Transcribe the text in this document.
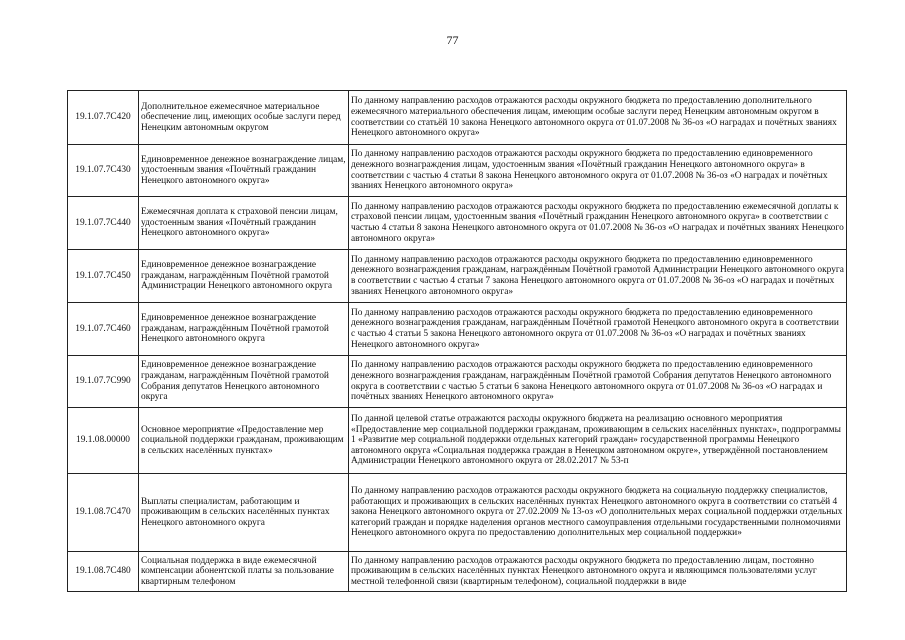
77
19.1.07.7С420	Дополнительное ежемесячное материальное обеспечение лиц, имеющих особые заслуги перед Ненецким автономным округом	По данному направлению расходов отражаются расходы окружного бюджета по предоставлению дополнительного ежемесячного материального обеспечения лицам, имеющим особые заслуги перед Ненецким автономным округом в соответствии со статьёй 10 закона Ненецкого автономного округа от 01.07.2008 № 36-оз «О наградах и почётных званиях Ненецкого автономного округа»
19.1.07.7С430	Единовременное денежное вознаграждение лицам, удостоенным звания «Почётный гражданин Ненецкого автономного округа»	По данному направлению расходов отражаются расходы окружного бюджета по предоставлению единовременного денежного вознаграждения лицам, удостоенным звания «Почётный гражданин Ненецкого автономного округа» в соответствии с частью 4 статьи 8 закона Ненецкого автономного округа от 01.07.2008 № 36-оз «О наградах и почётных званиях Ненецкого автономного округа»
19.1.07.7С440	Ежемесячная доплата к страховой пенсии лицам, удостоенным звания «Почётный гражданин Ненецкого автономного округа»	По данному направлению расходов отражаются расходы окружного бюджета по предоставлению ежемесячной доплаты к страховой пенсии лицам, удостоенным звания «Почётный гражданин Ненецкого автономного округа» в соответствии с частью 4 статьи 8 закона Ненецкого автономного округа от 01.07.2008 № 36-оз «О наградах и почётных званиях Ненецкого автономного округа»
19.1.07.7С450	Единовременное денежное вознаграждение гражданам, награждённым Почётной грамотой Администрации Ненецкого автономного округа	По данному направлению расходов отражаются расходы окружного бюджета по предоставлению единовременного денежного вознаграждения гражданам, награждённым Почётной грамотой Администрации Ненецкого автономного округа в соответствии с частью 4 статьи 7 закона Ненецкого автономного округа от 01.07.2008 № 36-оз «О наградах и почётных званиях Ненецкого автономного округа»
19.1.07.7С460	Единовременное денежное вознаграждение гражданам, награждённым Почётной грамотой Ненецкого автономного округа	По данному направлению расходов отражаются расходы окружного бюджета по предоставлению единовременного денежного вознаграждения гражданам, награждённым Почётной грамотой Ненецкого автономного округа в соответствии с частью 4 статьи 5 закона Ненецкого автономного округа от 01.07.2008 № 36-оз «О наградах и почётных званиях Ненецкого автономного округа»
19.1.07.7С990	Единовременное денежное вознаграждение гражданам, награждённым Почётной грамотой Собрания депутатов Ненецкого автономного округа	По данному направлению расходов отражаются расходы окружного бюджета по предоставлению единовременного денежного вознаграждения гражданам, награждённым Почётной грамотой Собрания депутатов Ненецкого автономного округа в соответствии с частью 5 статьи 6 закона Ненецкого автономного округа от 01.07.2008 № 36-оз «О наградах и почётных званиях Ненецкого автономного округа»
19.1.08.00000	Основное мероприятие «Предоставление мер социальной поддержки гражданам, проживающим в сельских населённых пунктах»	По данной целевой статье отражаются расходы окружного бюджета на реализацию основного мероприятия «Предоставление мер социальной поддержки гражданам, проживающим в сельских населённых пунктах», подпрограммы 1 «Развитие мер социальной поддержки отдельных категорий граждан» государственной программы Ненецкого автономного округа «Социальная поддержка граждан в Ненецком автономном округе», утверждённой постановлением Администрации Ненецкого автономного округа от 28.02.2017 № 53-п
19.1.08.7С470	Выплаты специалистам, работающим и проживающим в сельских населённых пунктах Ненецкого автономного округа	По данному направлению расходов отражаются расходы окружного бюджета на социальную поддержку специалистов, работающих и проживающих в сельских населённых пунктах Ненецкого автономного округа в соответствии со статьёй 4 закона Ненецкого автономного округа от 27.02.2009 № 13-оз «О дополнительных мерах социальной поддержки отдельных категорий граждан и порядке наделения органов местного самоуправления отдельными государственными полномочиями Ненецкого автономного округа по предоставлению дополнительных мер социальной поддержки»
19.1.08.7С480	Социальная поддержка в виде ежемесячной компенсации абонентской платы за пользование квартирным телефоном	По данному направлению расходов отражаются расходы окружного бюджета по предоставлению лицам, постоянно проживающим в сельских населённых пунктах Ненецкого автономного округа и являющимся пользователями услуг местной телефонной связи (квартирным телефоном), социальной поддержки в виде
